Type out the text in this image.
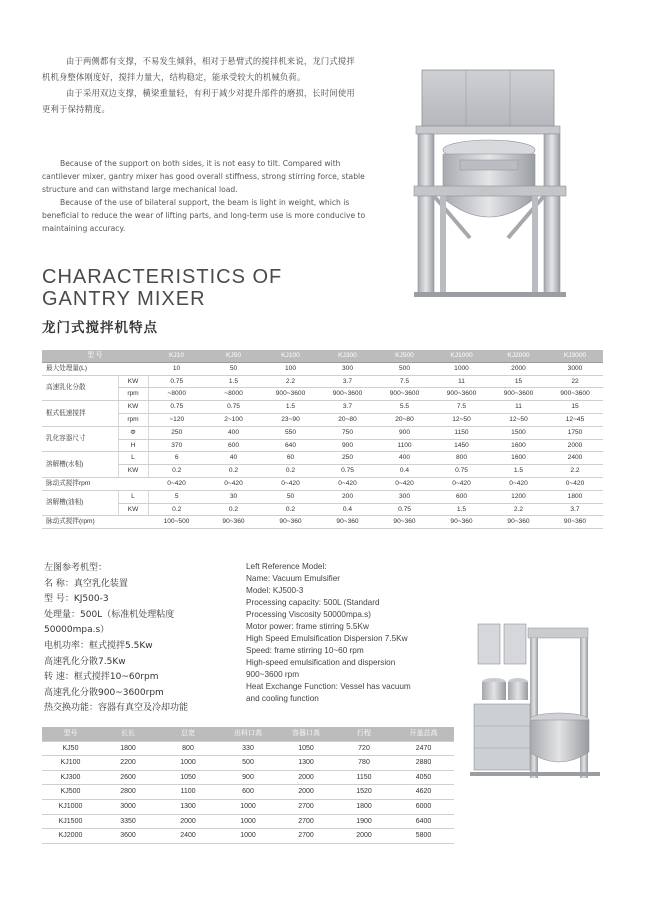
由于两侧都有支撑，不易发生倾斜，相对于悬臂式的搅拌机来说，龙门式搅拌机机身整体刚度好，搅拌力量大，结构稳定，能承受较大的机械负荷。

由于采用双边支撑，横梁重量轻，有利于减少对提升部件的磨损，长时间使用更利于保持精度。

Because of the support on both sides, it is not easy to tilt. Compared with cantilever mixer, gantry mixer has good overall stiffness, strong stirring force, stable structure and can withstand large mechanical load.

Because of the use of bilateral support, the beam is light in weight, which is beneficial to reduce the wear of lifting parts, and long-term use is more conducive to maintaining accuracy.

CHARACTERISTICS OF
GANTRY MIXER
龙门式搅拌机特点
型 号		KJ10	KJ50	KJ100	KJ300	KJ500	KJ1000	KJ2000	KJ3000
最大处理量(L)		10	50	100	300	500	1000	2000	3000
高速乳化分散	KW	0.75	1.5	2.2	3.7	7.5	11	15	22
	rpm	~8000	~8000	900~3600	900~3600	900~3600	900~3600	900~3600	900~3600
框式低速搅拌	KW	0.75	0.75	1.5	3.7	5.5	7.5	11	15
	rpm	~120	2~100	23~90	20~80	20~80	12~50	12~50	12~45
乳化容器尺寸	Φ	250	400	550	750	900	1150	1500	1750
	H	370	600	640	900	1100	1450	1600	2000
溶解槽(水相)	L	6	40	60	250	400	800	1600	2400
	KW	0.2	0.2	0.2	0.75	0.4	0.75	1.5	2.2
脉动式搅拌rpm		0~420	0~420	0~420	0~420	0~420	0~420	0~420	0~420
溶解槽(油相)	L	5	30	50	200	300	600	1200	1800
	KW	0.2	0.2	0.2	0.4	0.75	1.5	2.2	3.7
脉动式搅拌(rpm)		100~500	90~360	90~360	90~360	90~360	90~360	90~360	90~360
左图参考机型：
名 称：真空乳化装置
型 号：KJ500-3
处理量：500L（标准机处理粘度
50000mpa.s）
电机功率：框式搅拌5.5Kw
高速乳化分散7.5Kw
转 速：框式搅拌10~60rpm
高速乳化分散900~3600rpm
热交换功能：容器有真空及冷却功能
Left Reference Model:
Name: Vacuum Emulsifier
Model: KJ500-3
Processing capacity: 500L (Standard
Processing Viscosity 50000mpa.s)
Motor power: frame stirring 5.5Kw
High Speed Emulsification Dispersion 7.5Kw
Speed: frame stirring 10~60 rpm
High-speed emulsification and dispersion
900~3600 rpm
Heat Exchange Function: Vessel has vacuum
and cooling function
型号	长长	总宽	出料口高	容器口高	行程	开盖总高
KJ50	1800	800	330	1050	720	2470
KJ100	2200	1000	500	1300	780	2880
KJ300	2600	1050	900	2000	1150	4050
KJ500	2800	1100	600	2000	1520	4620
KJ1000	3000	1300	1000	2700	1800	6000
KJ1500	3350	2000	1000	2700	1900	6400
KJ2000	3600	2400	1000	2700	2000	5800
